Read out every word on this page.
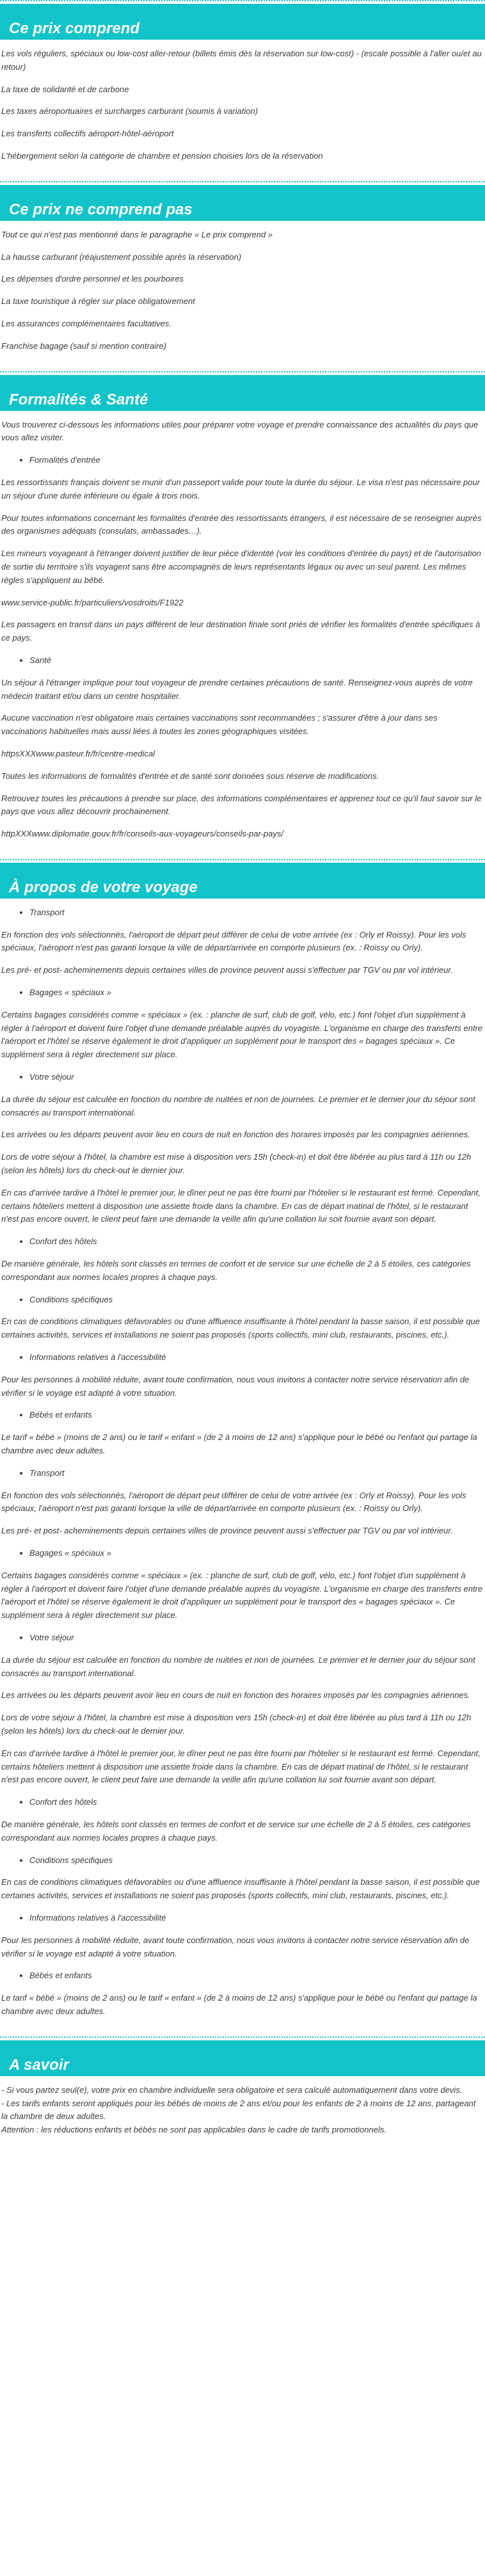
Ce prix comprend

Les vols réguliers, spéciaux ou low-cost aller-retour (billets émis dès la réservation sur low-cost) - (escale possible à l'aller ou/et au retour)

La taxe de solidarité et de carbone

Les taxes aéroportuaires et surcharges carburant (soumis à variation)

Les transferts collectifs aéroport-hôtel-aéroport

L'hébergement selon la catégorie de chambre et pension choisies lors de la réservation

Ce prix ne comprend pas

Tout ce qui n'est pas mentionné dans le paragraphe « Le prix comprend »

La hausse carburant (réajustement possible après la réservation)

Les dépenses d'ordre personnel et les pourboires

La taxe touristique à régler sur place obligatoirement

Les assurances complémentaires facultatives.

Franchise bagage (sauf si mention contraire)

Formalités & Santé

Vous trouverez ci-dessous les informations utiles pour préparer votre voyage et prendre connaissance des actualités du pays que vous allez visiter.

• Formalités d'entrée

Les ressortissants français doivent se munir d'un passeport valide pour toute la durée du séjour. Le visa n'est pas nécessaire pour un séjour d'une durée inférieure ou égale à trois mois.

Pour toutes informations concernant les formalités d'entrée des ressortissants étrangers, il est nécessaire de se renseigner auprès des organismes adéquats (consulats, ambassades…).

Les mineurs voyageant à l'étranger doivent justifier de leur pièce d'identité (voir les conditions d'entrée du pays) et de l'autorisation de sortie du territoire s'ils voyagent sans être accompagnés de leurs représentants légaux ou avec un seul parent. Les mêmes règles s'appliquent au bébé.

www.service-public.fr/particuliers/vosdroits/F1922

Les passagers en transit dans un pays différent de leur destination finale sont priés de vérifier les formalités d'entrée spécifiques à ce pays.

• Santé

Un séjour à l'étranger implique pour tout voyageur de prendre certaines précautions de santé. Renseignez-vous auprès de votre médecin traitant et/ou dans un centre hospitalier.

Aucune vaccination n'est obligatoire mais certaines vaccinations sont recommandées ; s'assurer d'être à jour dans ses vaccinations habituelles mais aussi liées à toutes les zones géographiques visitées.

httpsXXXwww.pasteur.fr/fr/centre-medical

Toutes les informations de formalités d'entrée et de santé sont données sous réserve de modifications.

Retrouvez toutes les précautions à prendre sur place, des informations complémentaires et apprenez tout ce qu'il faut savoir sur le pays que vous allez découvrir prochainement.

httpXXXwww.diplomatie.gouv.fr/fr/conseils-aux-voyageurs/conseils-par-pays/

À propos de votre voyage
• Transport

En fonction des vols sélectionnés, l'aéroport de départ peut différer de celui de votre arrivée (ex : Orly et Roissy). Pour les vols spéciaux, l'aéroport n'est pas garanti lorsque la ville de départ/arrivée en comporte plusieurs (ex. : Roissy ou Orly).

Les pré- et post- acheminements depuis certaines villes de province peuvent aussi s'effectuer par TGV ou par vol intérieur.

• Bagages « spéciaux »

Certains bagages considérés comme « spéciaux » (ex. : planche de surf, club de golf, vélo, etc.) font l'objet d'un supplément à régler à l'aéroport et doivent faire l'objet d'une demande préalable auprès du voyagiste. L'organisme en charge des transferts entre l'aéroport et l'hôtel se réserve également le droit d'appliquer un supplément pour le transport des « bagages spéciaux ». Ce supplément sera à régler directement sur place.

• Votre séjour

La durée du séjour est calculée en fonction du nombre de nuitées et non de journées. Le premier et le dernier jour du séjour sont consacrés au transport international.

Les arrivées ou les départs peuvent avoir lieu en cours de nuit en fonction des horaires imposés par les compagnies aériennes.

Lors de votre séjour à l'hôtel, la chambre est mise à disposition vers 15h (check-in) et doit être libérée au plus tard à 11h ou 12h (selon les hôtels) lors du check-out le dernier jour.

En cas d'arrivée tardive à l'hôtel le premier jour, le dîner peut ne pas être fourni par l'hôtelier si le restaurant est fermé. Cependant, certains hôteliers mettent à disposition une assiette froide dans la chambre. En cas de départ matinal de l'hôtel, si le restaurant n'est pas encore ouvert, le client peut faire une demande la veille afin qu'une collation lui soit fournie avant son départ.

• Confort des hôtels

De manière générale, les hôtels sont classés en termes de confort et de service sur une échelle de 2 à 5 étoiles, ces catégories correspondant aux normes locales propres à chaque pays.

• Conditions spécifiques

En cas de conditions climatiques défavorables ou d'une affluence insuffisante à l'hôtel pendant la basse saison, il est possible que certaines activités, services et installations ne soient pas proposés (sports collectifs, mini club, restaurants, piscines, etc.).

• Informations relatives à l'accessibilité

Pour les personnes à mobilité réduite, avant toute confirmation, nous vous invitons à contacter notre service réservation afin de vérifier si le voyage est adapté à votre situation.

• Bébés et enfants

Le tarif « bébé » (moins de 2 ans) ou le tarif « enfant » (de 2 à moins de 12 ans) s'applique pour le bébé ou l'enfant qui partage la chambre avec deux adultes.

• Transport

En fonction des vols sélectionnés, l'aéroport de départ peut différer de celui de votre arrivée (ex : Orly et Roissy). Pour les vols spéciaux, l'aéroport n'est pas garanti lorsque la ville de départ/arrivée en comporte plusieurs (ex. : Roissy ou Orly).

Les pré- et post- acheminements depuis certaines villes de province peuvent aussi s'effectuer par TGV ou par vol intérieur.

• Bagages « spéciaux »

Certains bagages considérés comme « spéciaux » (ex. : planche de surf, club de golf, vélo, etc.) font l'objet d'un supplément à régler à l'aéroport et doivent faire l'objet d'une demande préalable auprès du voyagiste. L'organisme en charge des transferts entre l'aéroport et l'hôtel se réserve également le droit d'appliquer un supplément pour le transport des « bagages spéciaux ». Ce supplément sera à régler directement sur place.

• Votre séjour

La durée du séjour est calculée en fonction du nombre de nuitées et non de journées. Le premier et le dernier jour du séjour sont consacrés au transport international.

Les arrivées ou les départs peuvent avoir lieu en cours de nuit en fonction des horaires imposés par les compagnies aériennes.

Lors de votre séjour à l'hôtel, la chambre est mise à disposition vers 15h (check-in) et doit être libérée au plus tard à 11h ou 12h (selon les hôtels) lors du check-out le dernier jour.

En cas d'arrivée tardive à l'hôtel le premier jour, le dîner peut ne pas être fourni par l'hôtelier si le restaurant est fermé. Cependant, certains hôteliers mettent à disposition une assiette froide dans la chambre. En cas de départ matinal de l'hôtel, si le restaurant n'est pas encore ouvert, le client peut faire une demande la veille afin qu'une collation lui soit fournie avant son départ.

• Confort des hôtels

De manière générale, les hôtels sont classés en termes de confort et de service sur une échelle de 2 à 5 étoiles, ces catégories correspondant aux normes locales propres à chaque pays.

• Conditions spécifiques

En cas de conditions climatiques défavorables ou d'une affluence insuffisante à l'hôtel pendant la basse saison, il est possible que certaines activités, services et installations ne soient pas proposés (sports collectifs, mini club, restaurants, piscines, etc.).

• Informations relatives à l'accessibilité

Pour les personnes à mobilité réduite, avant toute confirmation, nous vous invitons à contacter notre service réservation afin de vérifier si le voyage est adapté à votre situation.

• Bébés et enfants

Le tarif « bébé » (moins de 2 ans) ou le tarif « enfant » (de 2 à moins de 12 ans) s'applique pour le bébé ou l'enfant qui partage la chambre avec deux adultes.

A savoir

- Si vous partez seul(e), votre prix en chambre individuelle sera obligatoire et sera calculé automatiquement dans votre devis.
- Les tarifs enfants seront appliqués pour les bébés de moins de 2 ans et/ou pour les enfants de 2 à moins de 12 ans, partageant la chambre de deux adultes.
Attention : les réductions enfants et bébés ne sont pas applicables dans le cadre de tarifs promotionnels.
